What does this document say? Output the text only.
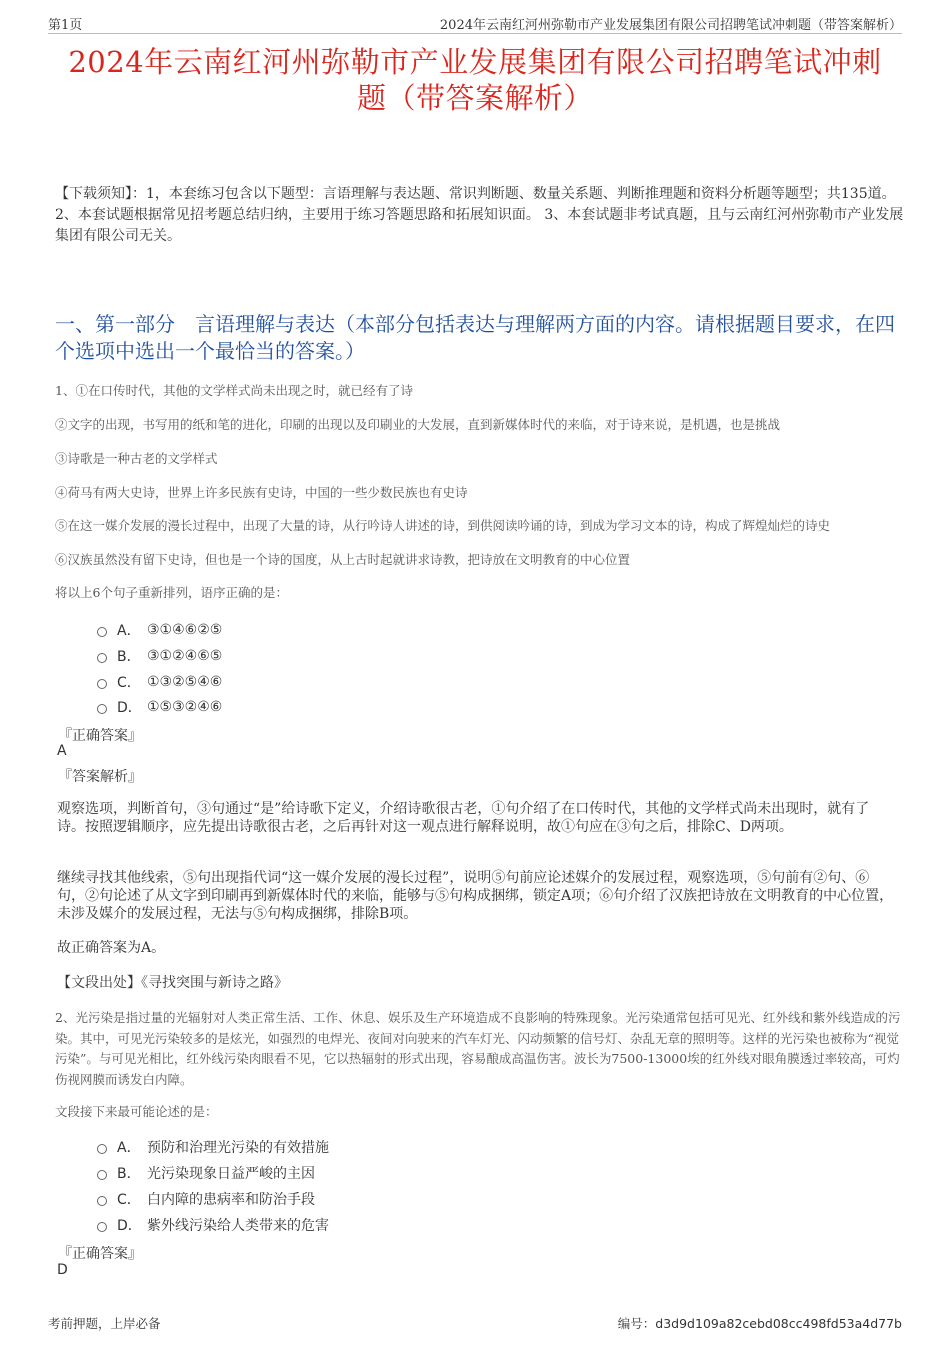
第1页	2024年云南红河州弥勒市产业发展集团有限公司招聘笔试冲刺题（带答案解析）
2024年云南红河州弥勒市产业发展集团有限公司招聘笔试冲刺
题（带答案解析）
【下载须知】：1，本套练习包含以下题型：言语理解与表达题、常识判断题、数量关系题、判断推理题和资料分析题等题型；共135道。 2、本套试题根据常见招考题总结归纳，主要用于练习答题思路和拓展知识面。 3、本套试题非考试真题，且与云南红河州弥勒市产业发展集团有限公司无关。
一、第一部分　言语理解与表达（本部分包括表达与理解两方面的内容。请根据题目要求，在四个选项中选出一个最恰当的答案。）
1、①在口传时代，其他的文学样式尚未出现之时，就已经有了诗
②文字的出现，书写用的纸和笔的进化，印刷的出现以及印刷业的大发展，直到新媒体时代的来临，对于诗来说，是机遇，也是挑战
③诗歌是一种古老的文学样式
④荷马有两大史诗，世界上许多民族有史诗，中国的一些少数民族也有史诗
⑤在这一媒介发展的漫长过程中，出现了大量的诗，从行吟诗人讲述的诗，到供阅读吟诵的诗，到成为学习文本的诗，构成了辉煌灿烂的诗史
⑥汉族虽然没有留下史诗，但也是一个诗的国度，从上古时起就讲求诗教，把诗放在文明教育的中心位置
将以上6个句子重新排列，语序正确的是：
A． ③①④⑥②⑤
B． ③①②④⑥⑤
C． ①③②⑤④⑥
D． ①⑤③②④⑥
『正确答案』
A
『答案解析』
观察选项，判断首句，③句通过“是”给诗歌下定义，介绍诗歌很古老，①句介绍了在口传时代，其他的文学样式尚未出现时，就有了诗。按照逻辑顺序，应先提出诗歌很古老，之后再针对这一观点进行解释说明，故①句应在③句之后，排除C、D两项。
继续寻找其他线索，⑤句出现指代词“这一媒介发展的漫长过程”，说明⑤句前应论述媒介的发展过程，观察选项，⑤句前有②句、⑥句，②句论述了从文字到印刷再到新媒体时代的来临，能够与⑤句构成捆绑，锁定A项；⑥句介绍了汉族把诗放在文明教育的中心位置，未涉及媒介的发展过程，无法与⑤句构成捆绑，排除B项。
故正确答案为A。
【文段出处】《寻找突围与新诗之路》
2、光污染是指过量的光辐射对人类正常生活、工作、休息、娱乐及生产环境造成不良影响的特殊现象。光污染通常包括可见光、红外线和紫外线造成的污染。其中，可见光污染较多的是炫光，如强烈的电焊光、夜间对向驶来的汽车灯光、闪动频繁的信号灯、杂乱无章的照明等。这样的光污染也被称为“视觉污染”。与可见光相比，红外线污染肉眼看不见，它以热辐射的形式出现，容易酿成高温伤害。波长为7500-13000埃的红外线对眼角膜透过率较高，可灼伤视网膜而诱发白内障。
文段接下来最可能论述的是：
A． 预防和治理光污染的有效措施
B． 光污染现象日益严峻的主因
C． 白内障的患病率和防治手段
D． 紫外线污染给人类带来的危害
『正确答案』
D
考前押题，上岸必备	编号：d3d9d109a82cebd08cc498fd53a4d77b
